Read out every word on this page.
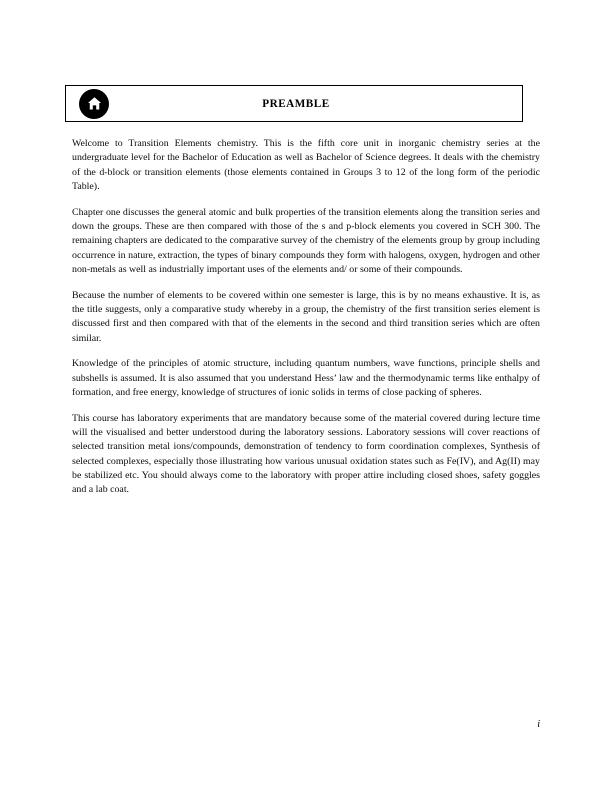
PREAMBLE

Welcome to Transition Elements chemistry. This is the fifth core unit in inorganic chemistry series at the undergraduate level for the Bachelor of Education as well as Bachelor of Science degrees. It deals with the chemistry of the d-block or transition elements (those elements contained in Groups 3 to 12 of the long form of the periodic Table).

Chapter one discusses the general atomic and bulk properties of the transition elements along the transition series and down the groups. These are then compared with those of the s and p-block elements you covered in SCH 300. The remaining chapters are dedicated to the comparative survey of the chemistry of the elements group by group including occurrence in nature, extraction, the types of binary compounds they form with halogens, oxygen, hydrogen and other non-metals as well as industrially important uses of the elements and/ or some of their compounds.

Because the number of elements to be covered within one semester is large, this is by no means exhaustive. It is, as the title suggests, only a comparative study whereby in a group, the chemistry of the first transition series element is discussed first and then compared with that of the elements in the second and third transition series which are often similar.

Knowledge of the principles of atomic structure, including quantum numbers, wave functions, principle shells and subshells is assumed. It is also assumed that you understand Hess’ law and the thermodynamic terms like enthalpy of formation, and free energy, knowledge of structures of ionic solids in terms of close packing of spheres.

This course has laboratory experiments that are mandatory because some of the material covered during lecture time will the visualised and better understood during the laboratory sessions. Laboratory sessions will cover reactions of selected transition metal ions/compounds, demonstration of tendency to form coordination complexes, Synthesis of selected complexes, especially those illustrating how various unusual oxidation states such as Fe(IV), and Ag(II) may be stabilized etc. You should always come to the laboratory with proper attire including closed shoes, safety goggles and a lab coat.

i
